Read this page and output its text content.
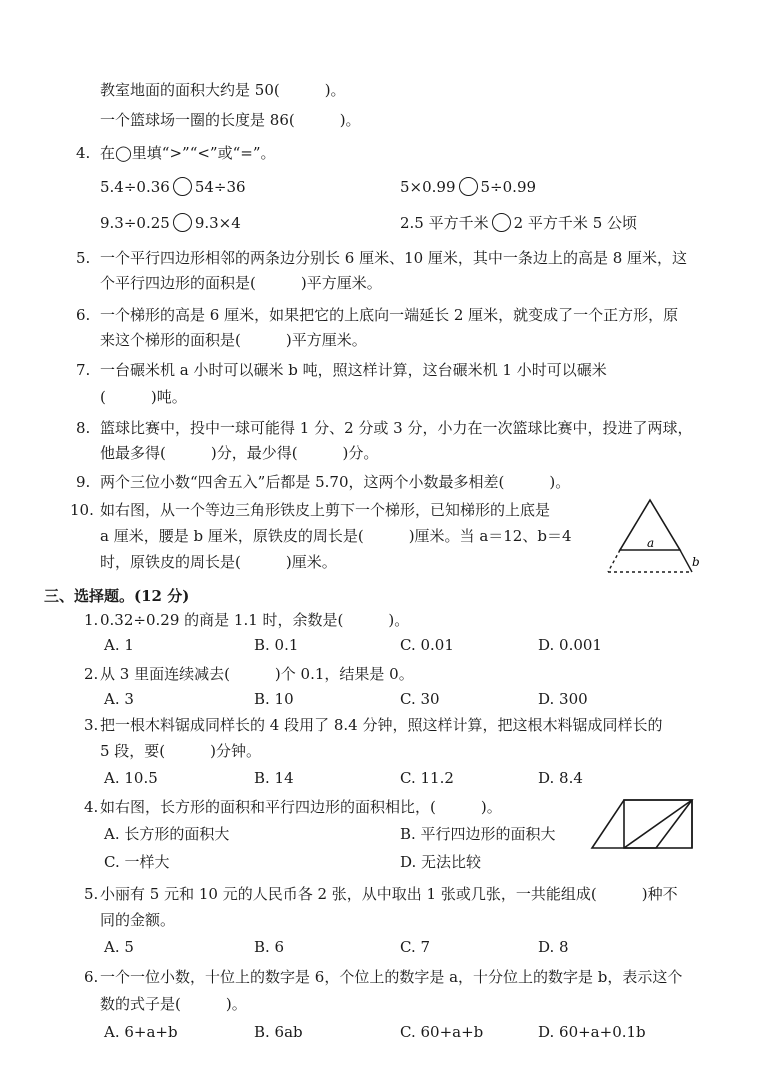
教室地面的面积大约是 50(　　　)。
一个篮球场一圈的长度是 86(　　　)。
4. 在◯里填“>”“<”或“=”。
5.4÷0.36 54÷36	5×0.99 5÷0.99
9.3÷0.25 9.3×4	2.5 平方千米 2 平方千米 5 公顷
5. 一个平行四边形相邻的两条边分别长 6 厘米、10 厘米，其中一条边上的高是 8 厘米，这
个平行四边形的面积是(　　　)平方厘米。
6. 一个梯形的高是 6 厘米，如果把它的上底向一端延长 2 厘米，就变成了一个正方形，原
来这个梯形的面积是(　　　)平方厘米。
7. 一台碾米机 a 小时可以碾米 b 吨，照这样计算，这台碾米机 1 小时可以碾米
(　　　)吨。
8. 篮球比赛中，投中一球可能得 1 分、2 分或 3 分，小力在一次篮球比赛中，投进了两球，
他最多得(　　　)分，最少得(　　　)分。
9. 两个三位小数“四舍五入”后都是 5.70，这两个小数最多相差(　　　)。
10. 如右图，从一个等边三角形铁皮上剪下一个梯形，已知梯形的上底是
a 厘米，腰是 b 厘米，原铁皮的周长是(　　　)厘米。当 a＝12、b＝4
时，原铁皮的周长是(　　　)厘米。
a
b
三、选择题。(12 分)
1. 0.32÷0.29 的商是 1.1 时，余数是(　　　)。
A. 1	B. 0.1	C. 0.01	D. 0.001
2. 从 3 里面连续减去(　　　)个 0.1，结果是 0。
A. 3	B. 10	C. 30	D. 300
3. 把一根木料锯成同样长的 4 段用了 8.4 分钟，照这样计算，把这根木料锯成同样长的
5 段，要(　　　)分钟。
A. 10.5	B. 14	C. 11.2	D. 8.4
4. 如右图，长方形的面积和平行四边形的面积相比，(　　　)。
A. 长方形的面积大	B. 平行四边形的面积大
C. 一样大	D. 无法比较
5. 小丽有 5 元和 10 元的人民币各 2 张，从中取出 1 张或几张，一共能组成(　　　)种不
同的金额。
A. 5	B. 6	C. 7	D. 8
6. 一个一位小数，十位上的数字是 6，个位上的数字是 a，十分位上的数字是 b，表示这个
数的式子是(　　　)。
A. 6+a+b	B. 6ab	C. 60+a+b	D. 60+a+0.1b
